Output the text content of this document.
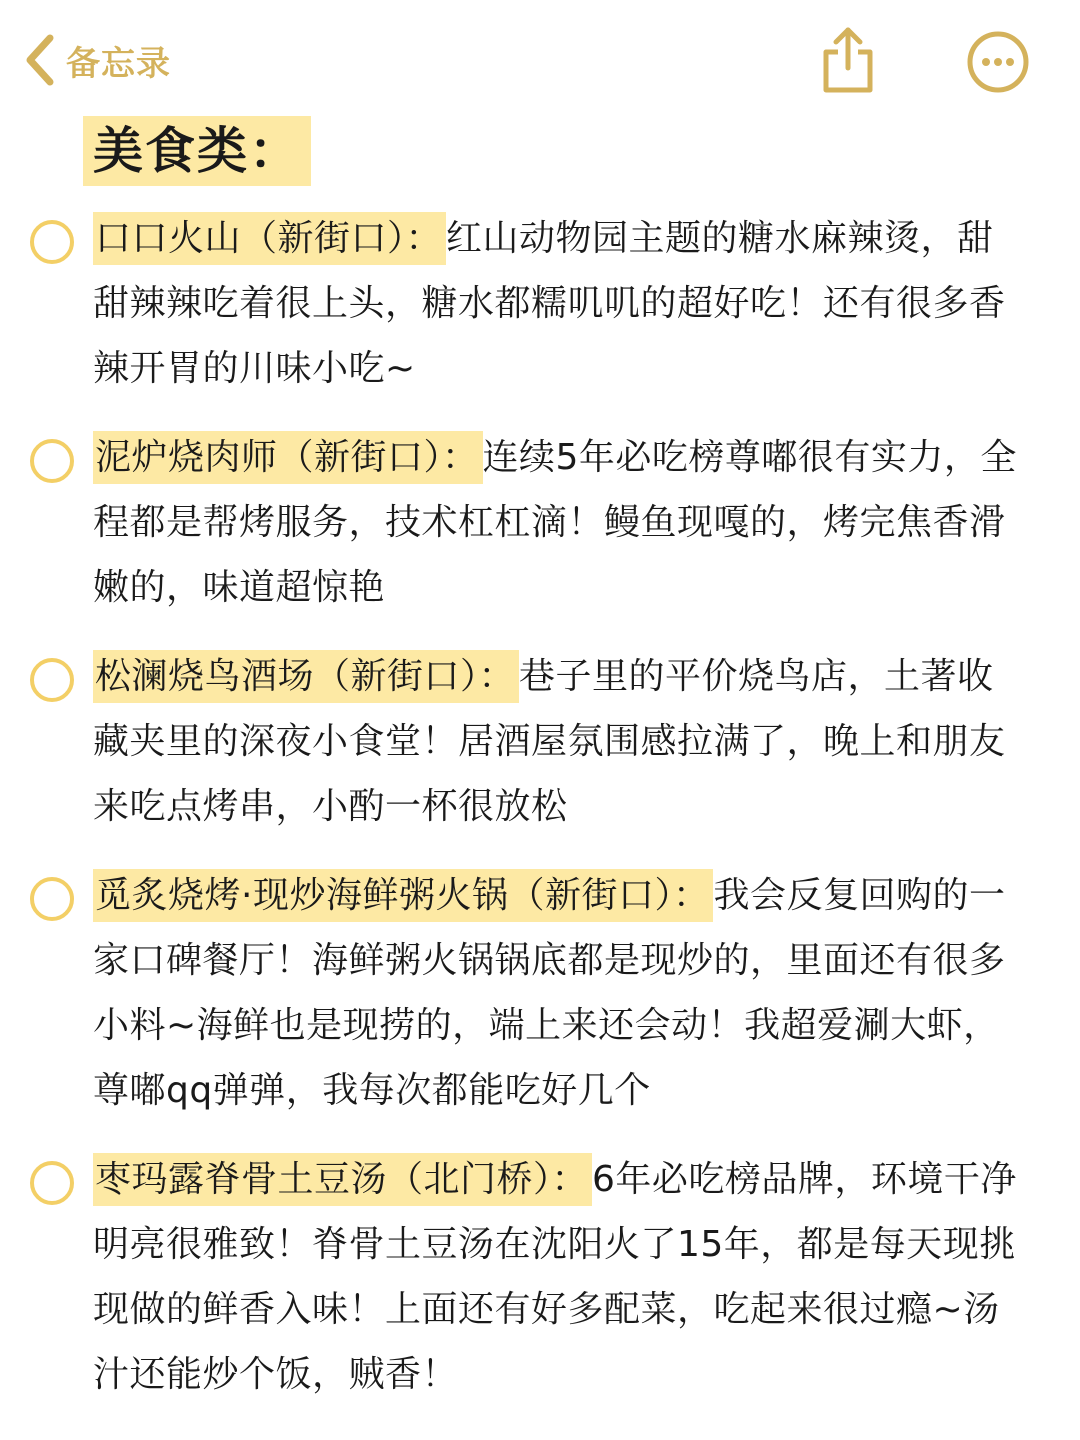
备忘录
美食类：
口口火山（新街口）： 红山动物园主题的糖水麻辣烫，甜甜辣辣吃着很上头，糖水都糯叽叽的超好吃！还有很多香辣开胃的川味小吃~
泥炉烧肉师（新街口）： 连续5年必吃榜尊嘟很有实力，全程都是帮烤服务，技术杠杠滴！鳗鱼现嘎的，烤完焦香滑嫩的，味道超惊艳
松澜烧鸟酒场（新街口）： 巷子里的平价烧鸟店，土著收藏夹里的深夜小食堂！居酒屋氛围感拉满了，晚上和朋友来吃点烤串，小酌一杯很放松
觅炙烧烤·现炒海鲜粥火锅（新街口）： 我会反复回购的一家口碑餐厅！海鲜粥火锅锅底都是现炒的，里面还有很多小料~海鲜也是现捞的，端上来还会动！我超爱涮大虾，尊嘟qq弹弹，我每次都能吃好几个
枣玛露脊骨土豆汤（北门桥）： 6年必吃榜品牌，环境干净明亮很雅致！脊骨土豆汤在沈阳火了15年，都是每天现挑现做的鲜香入味！上面还有好多配菜，吃起来很过瘾~汤汁还能炒个饭，贼香！
